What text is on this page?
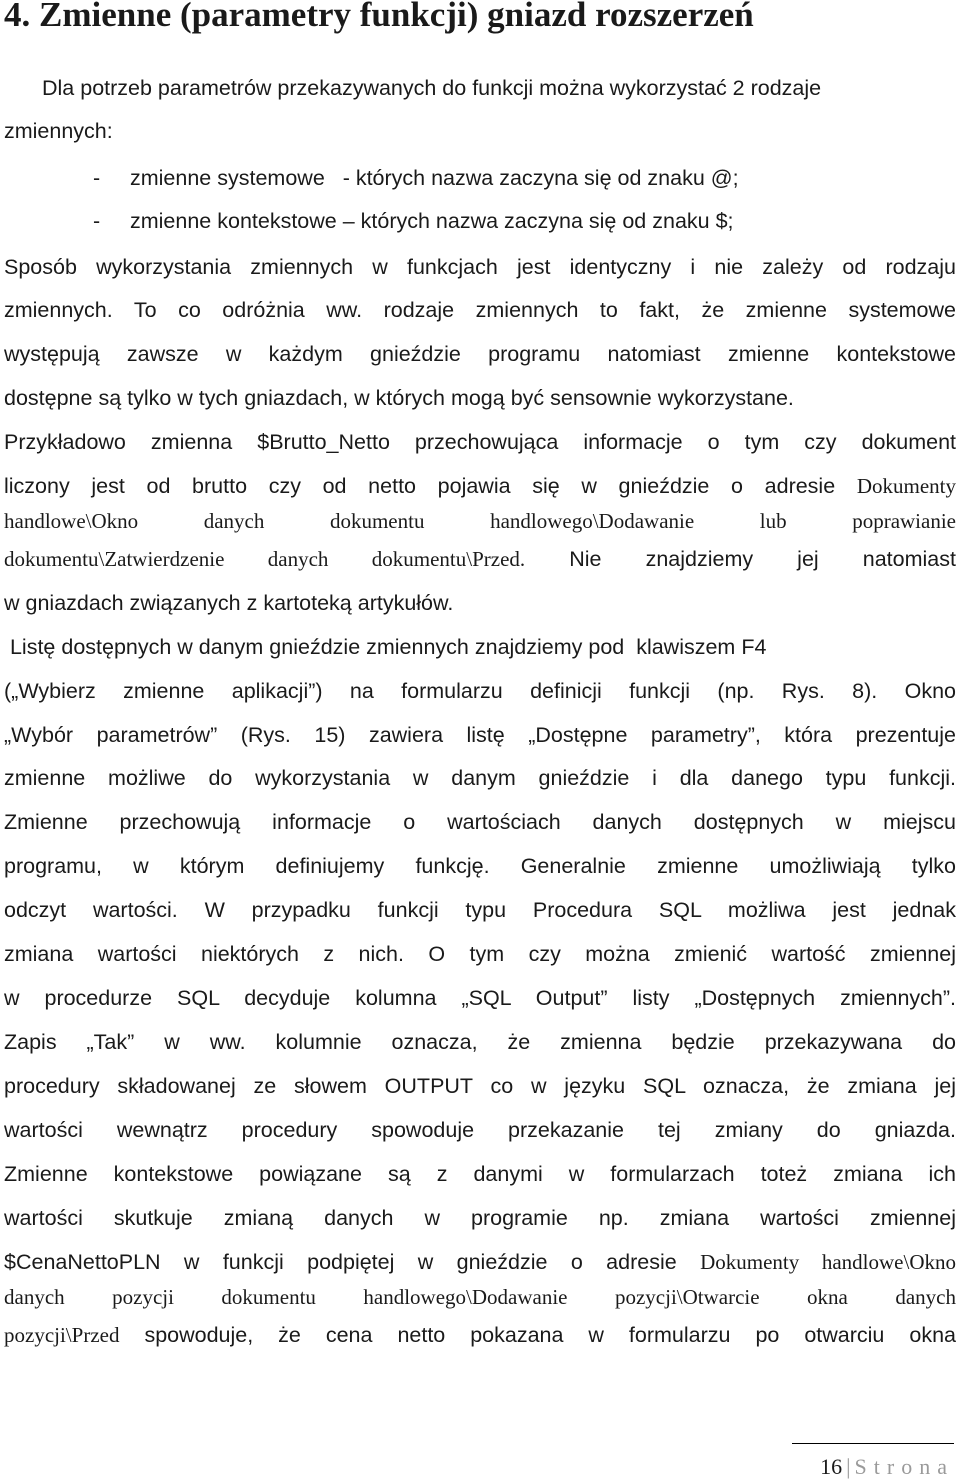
4. Zmienne (parametry funkcji) gniazd rozszerzeń
Dla potrzeb parametrów przekazywanych do funkcji można wykorzystać 2 rodzaje
zmiennych:
- zmienne systemowe   - których nazwa zaczyna się od znaku @;
- zmienne kontekstowe – których nazwa zaczyna się od znaku $;
Sposób wykorzystania zmiennych w funkcjach jest identyczny i nie zależy od rodzaju
zmiennych. To co odróżnia ww. rodzaje zmiennych to fakt, że zmienne systemowe
występują zawsze w każdym gnieździe programu natomiast zmienne kontekstowe
dostępne są tylko w tych gniazdach, w których mogą być sensownie wykorzystane.
Przykładowo zmienna $Brutto_Netto przechowująca informacje o tym czy dokument
liczony jest od brutto czy od netto pojawia się w gnieździe o adresie Dokumenty
handlowe\Okno danych dokumentu handlowego\Dodawanie lub poprawianie
dokumentu\Zatwierdzenie danych dokumentu\Przed. Nie znajdziemy jej natomiast
w gniazdach związanych z kartoteką artykułów.
Listę dostępnych w danym gnieździe zmiennych znajdziemy pod  klawiszem F4
(„Wybierz zmienne aplikacji”) na formularzu definicji funkcji (np. Rys. 8). Okno
„Wybór parametrów” (Rys. 15) zawiera listę „Dostępne parametry”, która prezentuje
zmienne możliwe do wykorzystania w danym gnieździe i dla danego typu funkcji.
Zmienne przechowują informacje o wartościach danych dostępnych w miejscu
programu, w którym definiujemy funkcję. Generalnie zmienne umożliwiają tylko
odczyt wartości. W przypadku funkcji typu Procedura SQL możliwa jest jednak
zmiana wartości niektórych z nich. O tym czy można zmienić wartość zmiennej
w procedurze SQL decyduje kolumna „SQL Output” listy „Dostępnych zmiennych”.
Zapis „Tak” w ww. kolumnie oznacza, że zmienna będzie przekazywana do
procedury składowanej ze słowem OUTPUT co w języku SQL oznacza, że zmiana jej
wartości wewnątrz procedury spowoduje przekazanie tej zmiany do gniazda.
Zmienne kontekstowe powiązane są z danymi w formularzach toteż zmiana ich
wartości skutkuje zmianą danych w programie np. zmiana wartości zmiennej
$CenaNettoPLN w funkcji podpiętej w gnieździe o adresie Dokumenty handlowe\Okno
danych pozycji dokumentu handlowego\Dodawanie pozycji\Otwarcie okna danych
pozycji\Przed spowoduje, że cena netto pokazana w formularzu po otwarciu okna
16 | Strona
